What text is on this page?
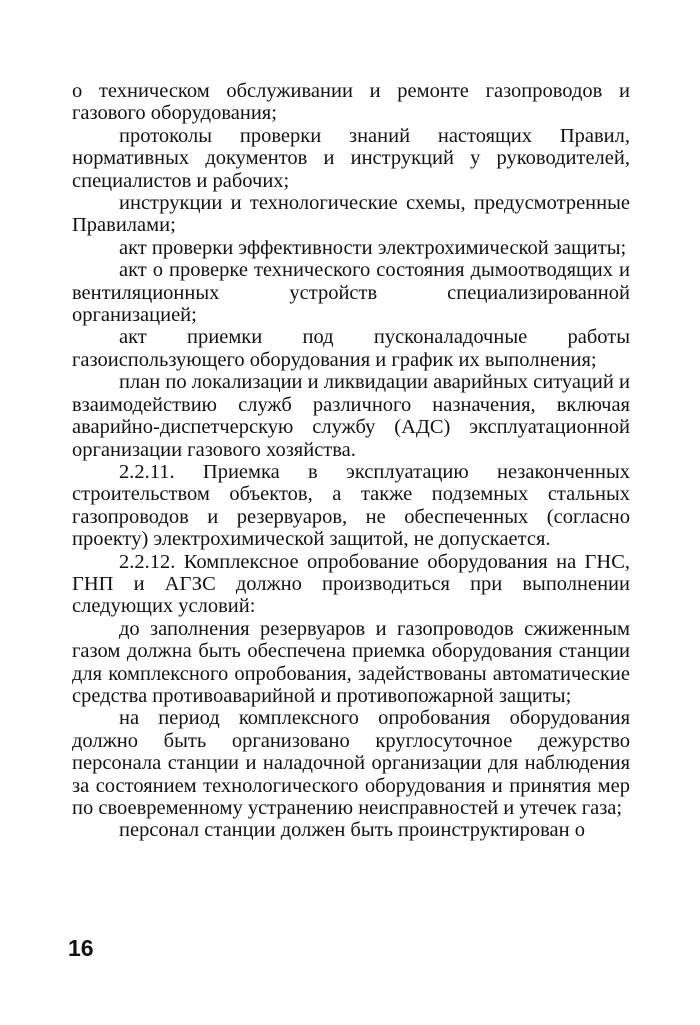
о техническом обслуживании и ремонте газопроводов и газового оборудования;

протоколы проверки знаний настоящих Правил, нормативных документов и инструкций у руководителей, специалистов и рабочих;

инструкции и технологические схемы, предусмотренные Правилами;

акт проверки эффективности электрохимической защиты;

акт о проверке технического состояния дымоотводящих и вентиляционных устройств специализированной организацией;

акт приемки под пусконаладочные работы газоиспользующего оборудования и график их выполнения;

план по локализации и ликвидации аварийных ситуаций и взаимодействию служб различного назначения, включая аварийно-диспетчерскую службу (АДС) эксплуатационной организации газового хозяйства.

2.2.11. Приемка в эксплуатацию незаконченных строительством объектов, а также подземных стальных газопроводов и резервуаров, не обеспеченных (согласно проекту) электрохимической защитой, не допускается.

2.2.12. Комплексное опробование оборудования на ГНС, ГНП и АГЗС должно производиться при выполнении следующих условий:

до заполнения резервуаров и газопроводов сжиженным газом должна быть обеспечена приемка оборудования станции для комплексного опробования, задействованы автоматические средства противоаварийной и противопожарной защиты;

на период комплексного опробования оборудования должно быть организовано круглосуточное дежурство персонала станции и наладочной организации для наблюдения за состоянием технологического оборудования и принятия мер по своевременному устранению неисправностей и утечек газа;

персонал станции должен быть проинструктирован о

16
